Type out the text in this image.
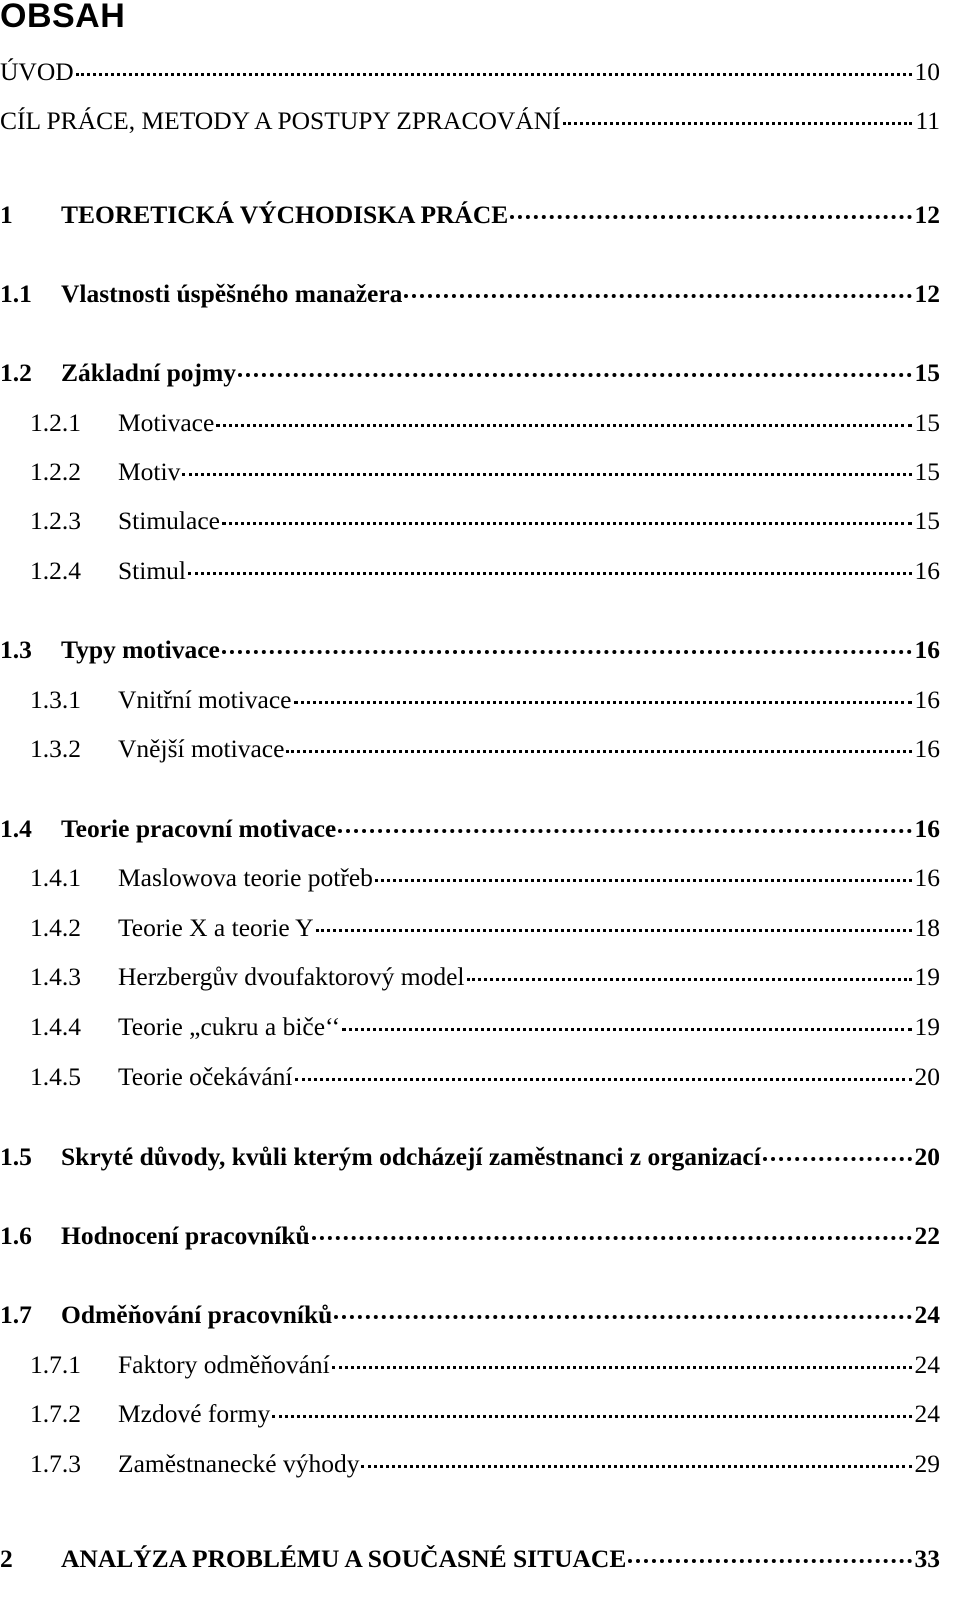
OBSAH
ÚVOD	10
CÍL PRÁCE, METODY A POSTUPY ZPRACOVÁNÍ	11
1	TEORETICKÁ VÝCHODISKA PRÁCE	12
1.1	Vlastnosti úspěšného manažera	12
1.2	Základní pojmy	15
1.2.1	Motivace	15
1.2.2	Motiv	15
1.2.3	Stimulace	15
1.2.4	Stimul	16
1.3	Typy motivace	16
1.3.1	Vnitřní motivace	16
1.3.2	Vnější motivace	16
1.4	Teorie pracovní motivace	16
1.4.1	Maslowova teorie potřeb	16
1.4.2	Teorie X a teorie Y	18
1.4.3	Herzbergův dvoufaktorový model	19
1.4.4	Teorie „cukru a biče‘‘	19
1.4.5	Teorie očekávání	20
1.5	Skryté důvody, kvůli kterým odcházejí zaměstnanci z organizací	20
1.6	Hodnocení pracovníků	22
1.7	Odměňování pracovníků	24
1.7.1	Faktory odměňování	24
1.7.2	Mzdové formy	24
1.7.3	Zaměstnanecké výhody	29
2	ANALÝZA PROBLÉMU A SOUČASNÉ SITUACE	33
